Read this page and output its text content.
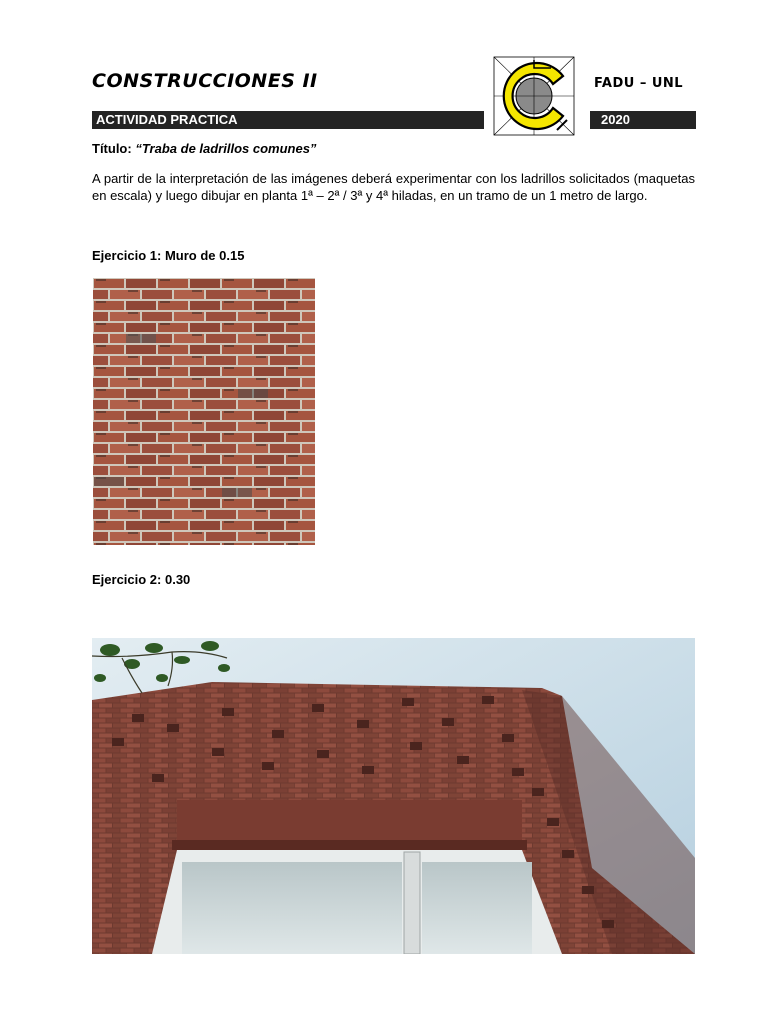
CONSTRUCCIONES II	FADU – UNL
ACTIVIDAD PRACTICA	2020
Título: “Traba de ladrillos comunes”
A partir de la interpretación de las imágenes deberá experimentar con los ladrillos solicitados (maquetas en escala) y luego dibujar en planta 1ª – 2ª / 3ª y 4ª hiladas, en un tramo de un 1 metro de largo.
Ejercicio 1: Muro de 0.15
Ejercicio 2: 0.30
